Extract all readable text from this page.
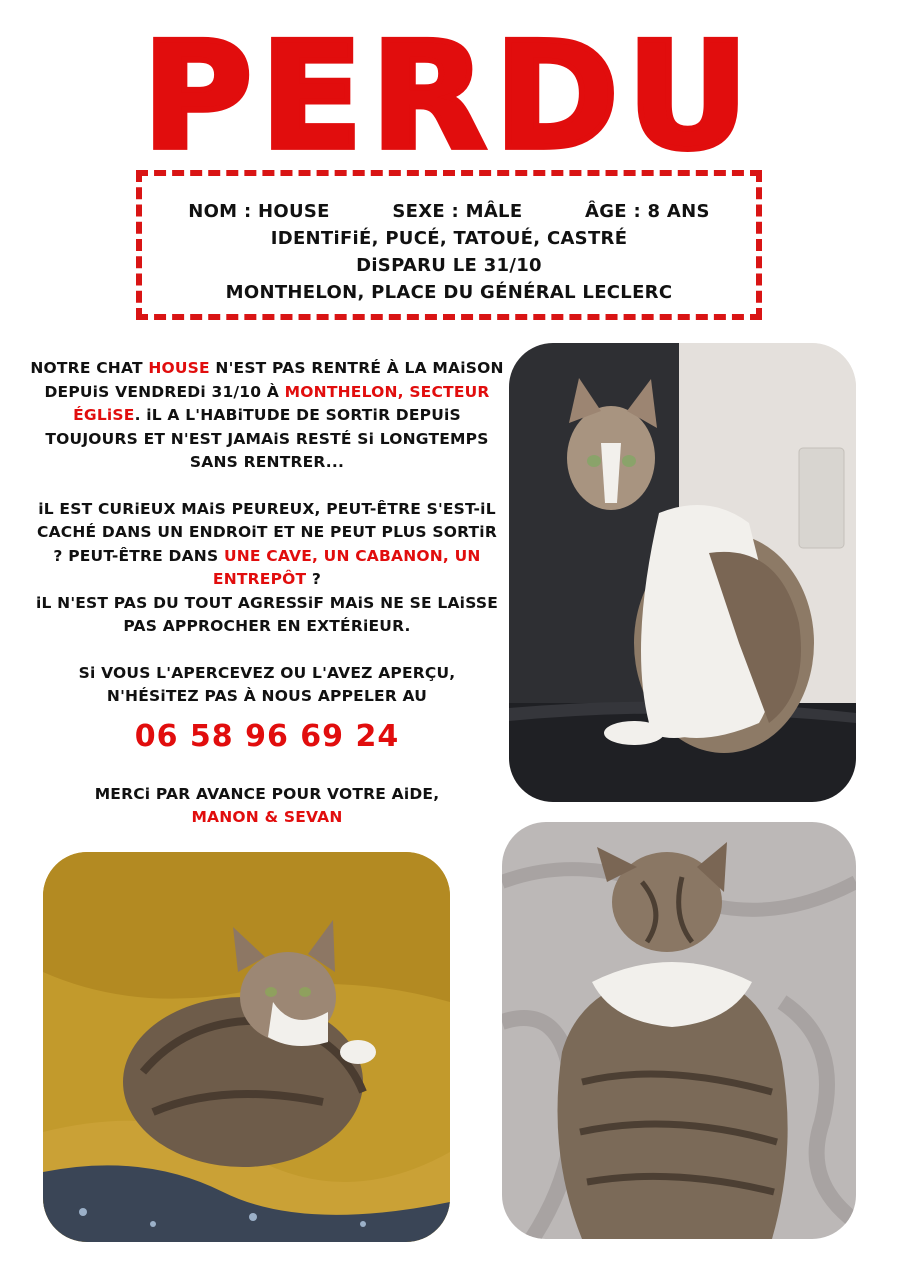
PERDU
NOM : HOUSE	SEXE : MÂLE	ÂGE : 8 ANS
IDENTiFiÉ, PUCÉ, TATOUÉ, CASTRÉ
DiSPARU LE 31/10
MONTHELON, PLACE DU GÉNÉRAL LECLERC

NOTRE CHAT HOUSE N'EST PAS RENTRÉ À LA MAiSON DEPUiS VENDREDi 31/10 À MONTHELON, SECTEUR ÉGLiSE. iL A L'HABiTUDE DE SORTiR DEPUiS TOUJOURS ET N'EST JAMAiS RESTÉ Si LONGTEMPS SANS RENTRER...

iL EST CURiEUX MAiS PEUREUX, PEUT-ÊTRE S'EST-iL CACHÉ DANS UN ENDROiT ET NE PEUT PLUS SORTiR ? PEUT-ÊTRE DANS UNE CAVE, UN CABANON, UN ENTREPÔT ?
iL N'EST PAS DU TOUT AGRESSiF MAiS NE SE LAiSSE PAS APPROCHER EN EXTÉRiEUR.

Si VOUS L'APERCEVEZ OU L'AVEZ APERÇU, N'HÉSiTEZ PAS À NOUS APPELER AU

06 58 96 69 24
MERCi PAR AVANCE POUR VOTRE AiDE,
MANON & SEVAN
